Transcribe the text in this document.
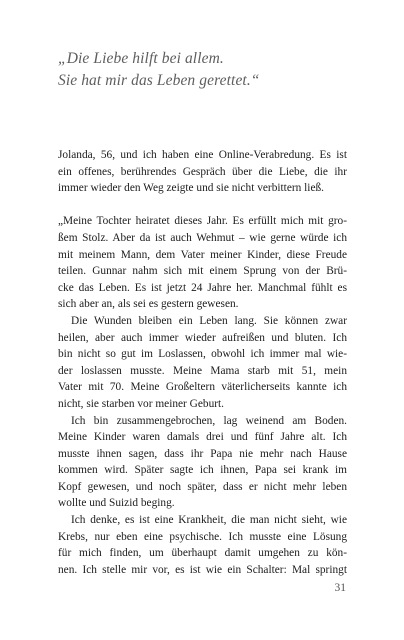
„Die Liebe hilft bei allem.
Sie hat mir das Leben gerettet.“

Jolanda, 56, und ich haben eine Online-Verabredung. Es ist
ein offenes, berührendes Gespräch über die Liebe, die ihr
immer wieder den Weg zeigte und sie nicht verbittern ließ.

„Meine Tochter heiratet dieses Jahr. Es erfüllt mich mit gro-
ßem Stolz. Aber da ist auch Wehmut – wie gerne würde ich
mit meinem Mann, dem Vater meiner Kinder, diese Freude
teilen. Gunnar nahm sich mit einem Sprung von der Brü-
cke das Leben. Es ist jetzt 24 Jahre her. Manchmal fühlt es
sich aber an, als sei es gestern gewesen.

Die Wunden bleiben ein Leben lang. Sie können zwar
heilen, aber auch immer wieder aufreißen und bluten. Ich
bin nicht so gut im Loslassen, obwohl ich immer mal wie-
der loslassen musste. Meine Mama starb mit 51, mein
Vater mit 70. Meine Großeltern väterlicherseits kannte ich
nicht, sie starben vor meiner Geburt.

Ich bin zusammengebrochen, lag weinend am Boden.
Meine Kinder waren damals drei und fünf Jahre alt. Ich
musste ihnen sagen, dass ihr Papa nie mehr nach Hause
kommen wird. Später sagte ich ihnen, Papa sei krank im
Kopf gewesen, und noch später, dass er nicht mehr leben
wollte und Suizid beging.

Ich denke, es ist eine Krankheit, die man nicht sieht, wie
Krebs, nur eben eine psychische. Ich musste eine Lösung
für mich finden, um überhaupt damit umgehen zu kön-
nen. Ich stelle mir vor, es ist wie ein Schalter: Mal springt

31
